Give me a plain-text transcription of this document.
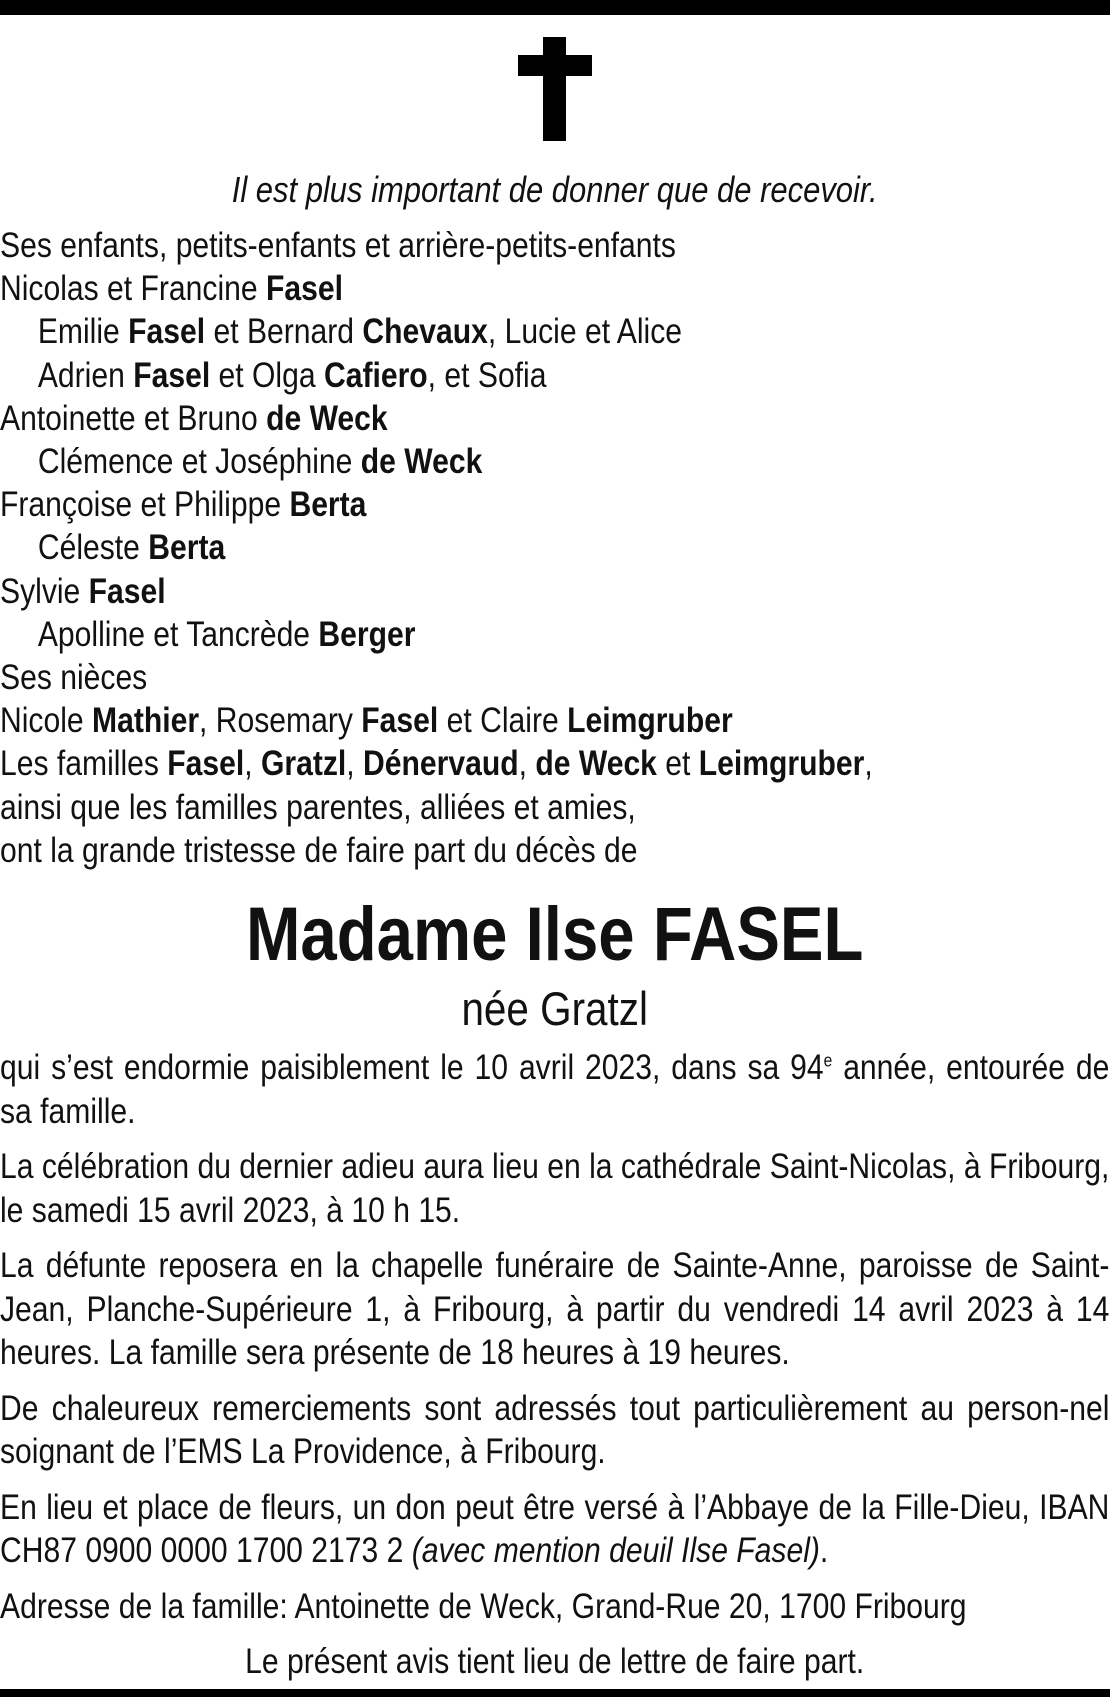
Il est plus important de donner que de recevoir.
Ses enfants, petits-enfants et arrière-petits-enfants
Nicolas et Francine Fasel
Emilie Fasel et Bernard Chevaux, Lucie et Alice
Adrien Fasel et Olga Cafiero, et Sofia
Antoinette et Bruno de Weck
Clémence et Joséphine de Weck
Françoise et Philippe Berta
Céleste Berta
Sylvie Fasel
Apolline et Tancrède Berger
Ses nièces
Nicole Mathier, Rosemary Fasel et Claire Leimgruber
Les familles Fasel, Gratzl, Dénervaud, de Weck et Leimgruber,
ainsi que les familles parentes, alliées et amies,
ont la grande tristesse de faire part du décès de
Madame Ilse FASEL
née Gratzl
qui s’est endormie paisiblement le 10 avril 2023, dans sa 94e année, entourée de sa famille.
La célébration du dernier adieu aura lieu en la cathédrale Saint-Nicolas, à Fribourg, le samedi 15 avril 2023, à 10 h 15.
La défunte reposera en la chapelle funéraire de Sainte-Anne, paroisse de Saint-Jean, Planche-Supérieure 1, à Fribourg, à partir du vendredi 14 avril 2023 à 14 heures. La famille sera présente de 18 heures à 19 heures.
De chaleureux remerciements sont adressés tout particulièrement au person-nel soignant de l’EMS La Providence, à Fribourg.
En lieu et place de fleurs, un don peut être versé à l’Abbaye de la Fille-Dieu, IBAN CH87 0900 0000 1700 2173 2 (avec mention deuil Ilse Fasel).
Adresse de la famille: Antoinette de Weck, Grand-Rue 20, 1700 Fribourg
Le présent avis tient lieu de lettre de faire part.
